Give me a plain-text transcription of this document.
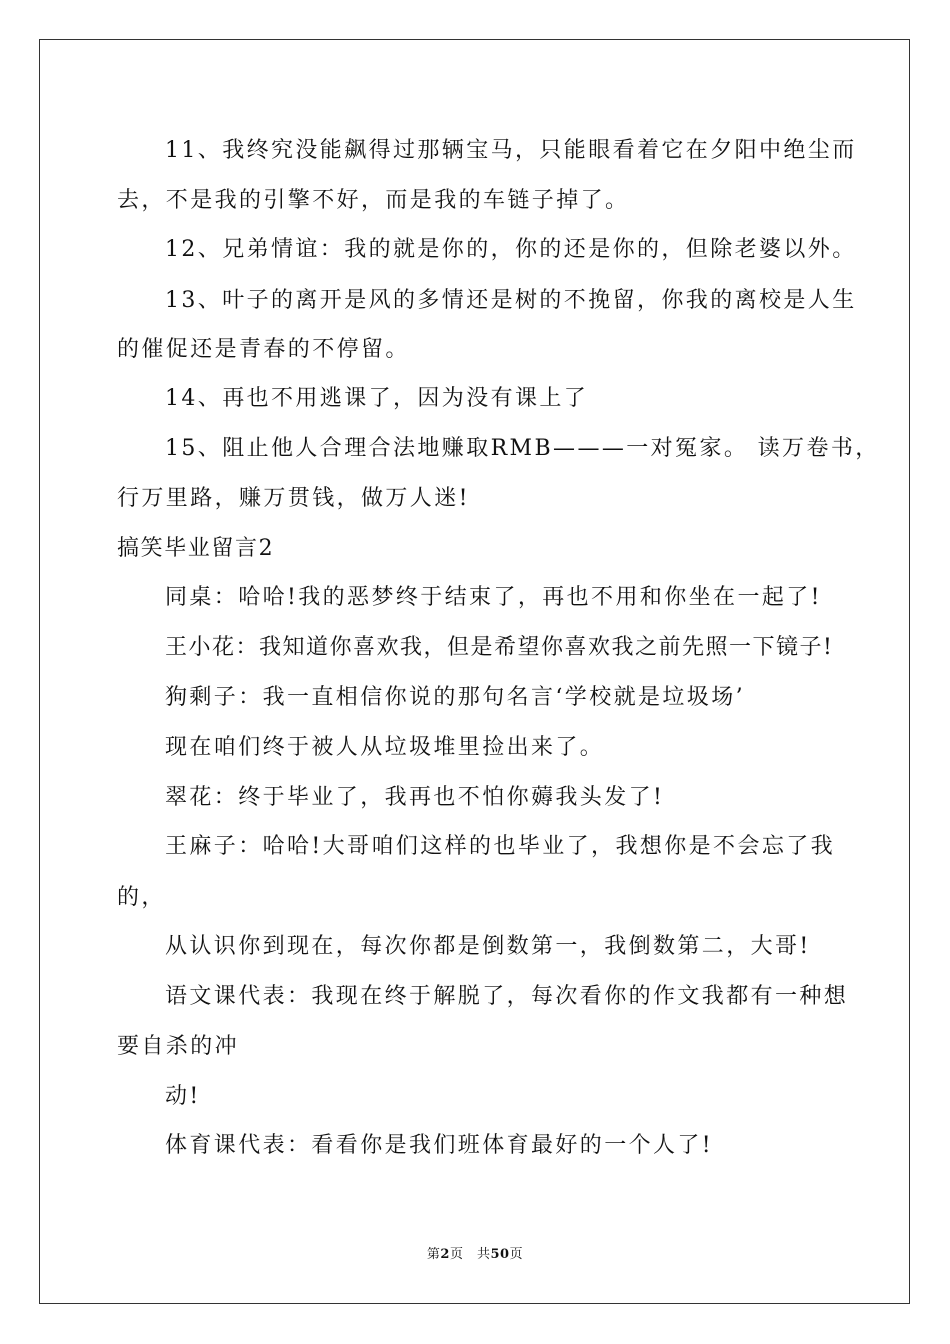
11、我终究没能飙得过那辆宝马，只能眼看着它在夕阳中绝尘而
去，不是我的引擎不好，而是我的车链子掉了。
12、兄弟情谊：我的就是你的，你的还是你的，但除老婆以外。
13、叶子的离开是风的多情还是树的不挽留，你我的离校是人生
的催促还是青春的不停留。
14、再也不用逃课了，因为没有课上了
15、阻止他人合理合法地赚取RMB———一对冤家。 读万卷书，
行万里路，赚万贯钱，做万人迷!
搞笑毕业留言2
同桌：哈哈!我的恶梦终于结束了，再也不用和你坐在一起了!
王小花：我知道你喜欢我，但是希望你喜欢我之前先照一下镜子!
狗剩子：我一直相信你说的那句名言‘学校就是垃圾场’
现在咱们终于被人从垃圾堆里捡出来了。
翠花：终于毕业了，我再也不怕你薅我头发了!
王麻子：哈哈!大哥咱们这样的也毕业了，我想你是不会忘了我
的，
从认识你到现在，每次你都是倒数第一，我倒数第二，大哥!
语文课代表：我现在终于解脱了，每次看你的作文我都有一种想
要自杀的冲
动!
体育课代表：看看你是我们班体育最好的一个人了!
第2页　共50页
